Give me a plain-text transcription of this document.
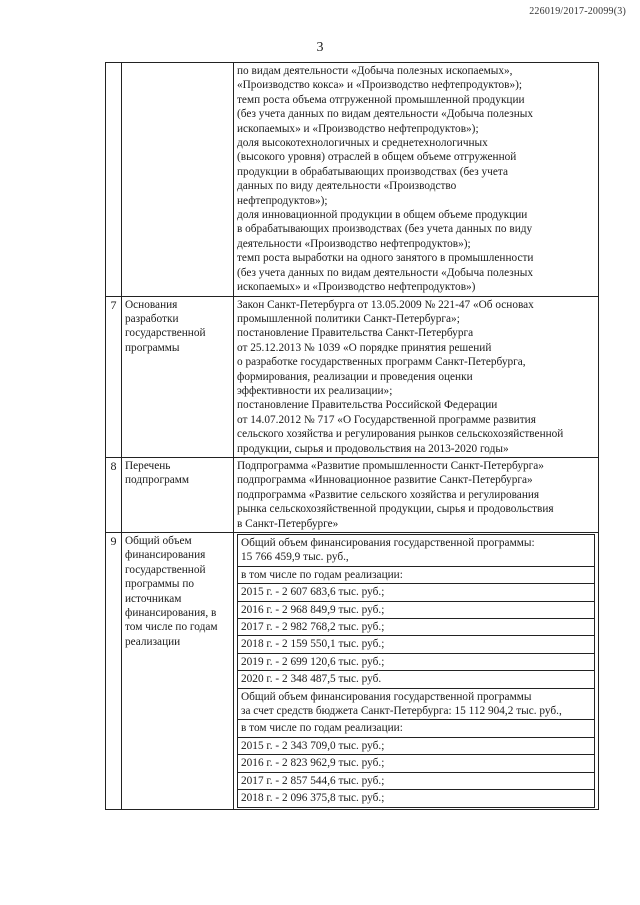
226019/2017-20099(3)
3

по видам деятельности «Добыча полезных ископаемых»,
«Производство кокса» и «Производство нефтепродуктов»);
темп роста объема отгруженной промышленной продукции
(без учета данных по видам деятельности «Добыча полезных
ископаемых» и «Производство нефтепродуктов»);
доля высокотехнологичных и среднетехнологичных
(высокого уровня) отраслей в общем объеме отгруженной
продукции в обрабатывающих производствах (без учета
данных по виду деятельности «Производство
нефтепродуктов»);
доля инновационной продукции в общем объеме продукции
в обрабатывающих производствах (без учета данных по виду
деятельности «Производство нефтепродуктов»);
темп роста выработки на одного занятого в промышленности
(без учета данных по видам деятельности «Добыча полезных
ископаемых» и «Производство нефтепродуктов»)

7	Основания разработки государственной программы	
Закон Санкт-Петербурга от 13.05.2009 № 221-47 «Об основах
промышленной политики Санкт-Петербурга»;
постановление Правительства Санкт-Петербурга
от 25.12.2013 № 1039 «О порядке принятия решений
о разработке государственных программ Санкт-Петербурга,
формирования, реализации и проведения оценки
эффективности их реализации»;
постановление Правительства Российской Федерации
от 14.07.2012 № 717 «О Государственной программе развития
сельского хозяйства и регулирования рынков сельскохозяйственной
продукции, сырья и продовольствия на 2013-2020 годы»

8	Перечень подпрограмм	
Подпрограмма «Развитие промышленности Санкт-Петербурга»
подпрограмма «Инновационное развитие Санкт-Петербурга»
подпрограмма «Развитие сельского хозяйства и регулирования
рынка сельскохозяйственной продукции, сырья и продовольствия
в Санкт-Петербурге»

9	Общий объем финансирования государственной программы по источникам финансирования, в том числе по годам реализации	
Общий объем финансирования государственной программы:
15 766 459,9 тыс. руб.,

в том числе по годам реализации:
2015 г. - 2 607 683,6 тыс. руб.;
2016 г. - 2 968 849,9 тыс. руб.;
2017 г. - 2 982 768,2 тыс. руб.;
2018 г. - 2 159 550,1 тыс. руб.;
2019 г. - 2 699 120,6 тыс. руб.;
2020 г. - 2 348 487,5 тыс. руб.

Общий объем финансирования государственной программы
за счет средств бюджета Санкт-Петербурга: 15 112 904,2 тыс. руб.,

в том числе по годам реализации:
2015 г. - 2 343 709,0 тыс. руб.;
2016 г. - 2 823 962,9 тыс. руб.;
2017 г. - 2 857 544,6 тыс. руб.;
2018 г. - 2 096 375,8 тыс. руб.;
